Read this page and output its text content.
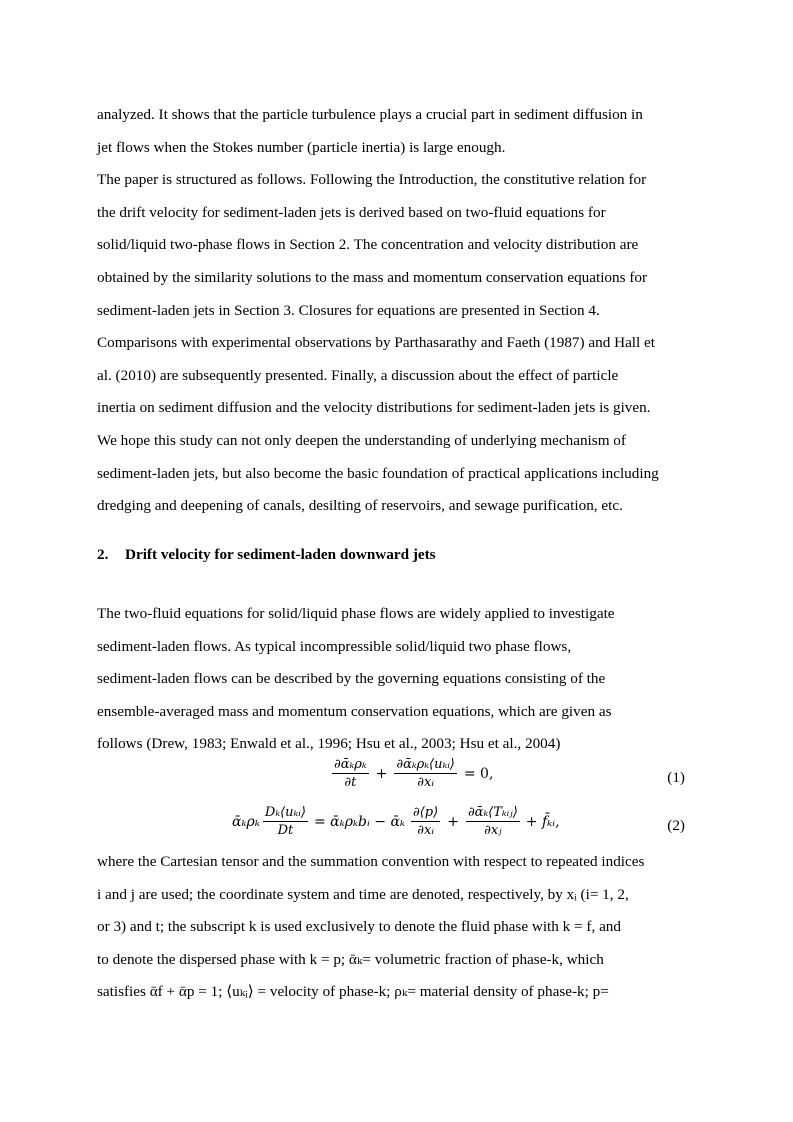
analyzed. It shows that the particle turbulence plays a crucial part in sediment diffusion in

jet flows when the Stokes number (particle inertia) is large enough.

The paper is structured as follows. Following the Introduction, the constitutive relation for

the drift velocity for sediment-laden jets is derived based on two-fluid equations for

solid/liquid two-phase flows in Section 2. The concentration and velocity distribution are

obtained by the similarity solutions to the mass and momentum conservation equations for

sediment-laden jets in Section 3. Closures for equations are presented in Section 4.

Comparisons with experimental observations by Parthasarathy and Faeth (1987) and Hall et

al. (2010) are subsequently presented. Finally, a discussion about the effect of particle

inertia on sediment diffusion and the velocity distributions for sediment-laden jets is given.

We hope this study can not only deepen the understanding of underlying mechanism of

sediment-laden jets, but also become the basic foundation of practical applications including

dredging and deepening of canals, desilting of reservoirs, and sewage purification, etc.

2. Drift velocity for sediment-laden downward jets

The two-fluid equations for solid/liquid phase flows are widely applied to investigate

sediment-laden flows. As typical incompressible solid/liquid two phase flows,

sediment-laden flows can be described by the governing equations consisting of the

ensemble-averaged mass and momentum conservation equations, which are given as

follows (Drew, 1983; Enwald et al., 1996; Hsu et al., 2003; Hsu et al., 2004)

$\frac{\text{∂ᾱₖρₖ}}{\partial t} + \frac{\text{∂ᾱₖρₖ⟨uₖᵢ⟩}}{\text{∂xᵢ}} = 0$,	(1)
ᾱₖρₖ $\frac{\text{Dₖ⟨uₖᵢ⟩}}{Dt}$ = ᾱₖρₖbᵢ − ᾱₖ $\frac{\partial⟨p⟩}{\text{∂xᵢ}} + \frac{\text{∂ᾱₖ⟨Tₖᵢⱼ⟩}}{\text{∂xⱼ}}$ + f̄ₖᵢ,	(2)

where the Cartesian tensor and the summation convention with respect to repeated indices

i and j are used; the coordinate system and time are denoted, respectively, by xᵢ (i= 1, 2,

or 3) and t; the subscript k is used exclusively to denote the fluid phase with k = f, and

to denote the dispersed phase with k = p; ᾱₖ= volumetric fraction of phase-k, which

satisfies ᾱf + ᾱp = 1; ⟨uₖᵢ⟩ = velocity of phase-k; ρₖ= material density of phase-k; p=
